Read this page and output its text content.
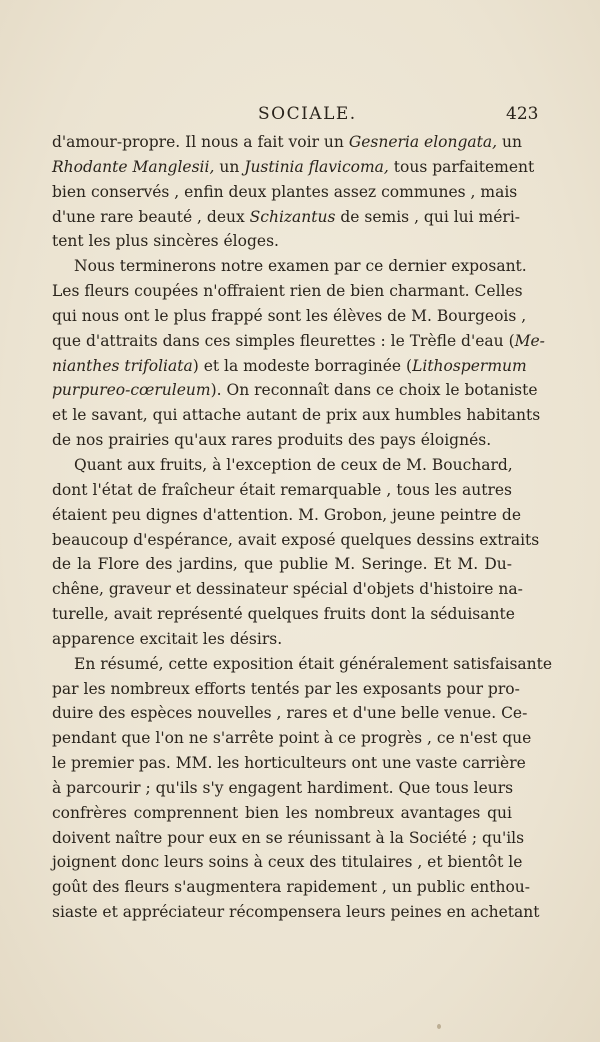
SOCIALE.	423
d'amour-propre. Il nous a fait voir un Gesneria elongata, un
Rhodante Manglesii, un Justinia flavicoma, tous parfaitement
bien conservés , enfin deux plantes assez communes , mais
d'une rare beauté , deux Schizantus de semis , qui lui méri-
tent les plus sincères éloges.
Nous terminerons notre examen par ce dernier exposant.
Les fleurs coupées n'offraient rien de bien charmant. Celles
qui nous ont le plus frappé sont les élèves de M. Bourgeois ,
que d'attraits dans ces simples fleurettes : le Trèfle d'eau (Me-
nianthes trifoliata) et la modeste borraginée (Lithospermum
purpureo-cœruleum). On reconnaît dans ce choix le botaniste
et le savant, qui attache autant de prix aux humbles habitants
de nos prairies qu'aux rares produits des pays éloignés.
Quant aux fruits, à l'exception de ceux de M. Bouchard,
dont l'état de fraîcheur était remarquable , tous les autres
étaient peu dignes d'attention. M. Grobon, jeune peintre de
beaucoup d'espérance, avait exposé quelques dessins extraits
de la Flore des jardins, que publie M. Seringe. Et M. Du-
chêne, graveur et dessinateur spécial d'objets d'histoire na-
turelle, avait représenté quelques fruits dont la séduisante
apparence excitait les désirs.
En résumé, cette exposition était généralement satisfaisante
par les nombreux efforts tentés par les exposants pour pro-
duire des espèces nouvelles , rares et d'une belle venue. Ce-
pendant que l'on ne s'arrête point à ce progrès , ce n'est que
le premier pas. MM. les horticulteurs ont une vaste carrière
à parcourir ; qu'ils s'y engagent hardiment. Que tous leurs
confrères comprennent bien les nombreux avantages qui
doivent naître pour eux en se réunissant à la Société ; qu'ils
joignent donc leurs soins à ceux des titulaires , et bientôt le
goût des fleurs s'augmentera rapidement , un public enthou-
siaste et appréciateur récompensera leurs peines en achetant
